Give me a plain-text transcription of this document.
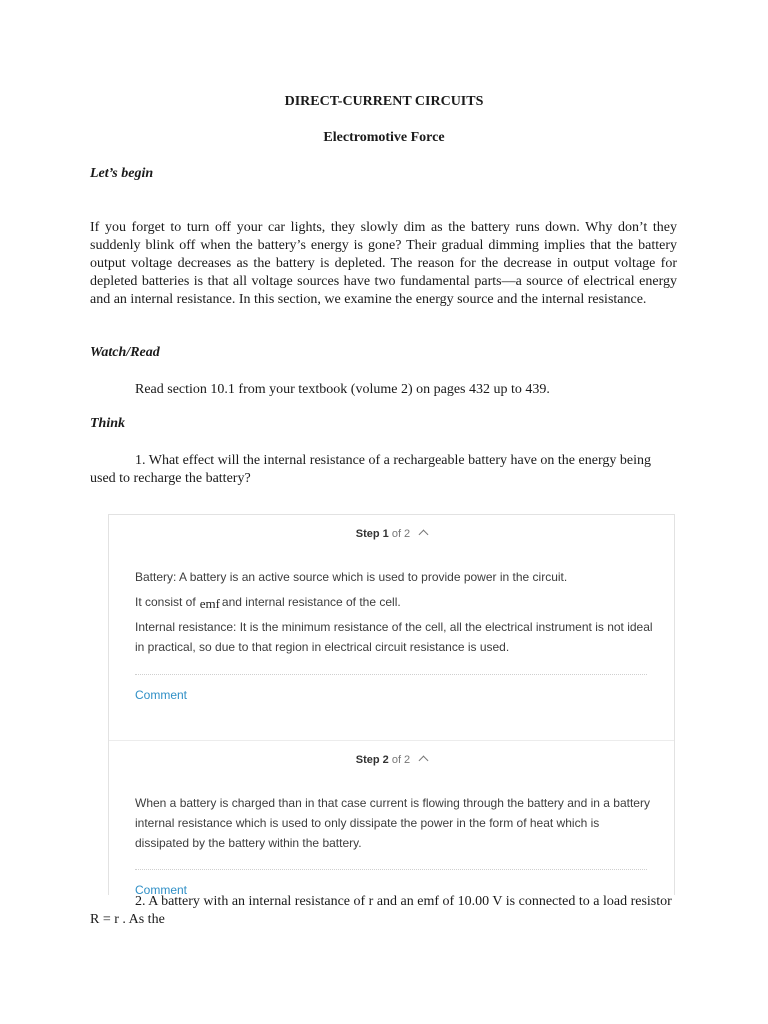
DIRECT-CURRENT CIRCUITS
Electromotive Force
Let’s begin
If you forget to turn off your car lights, they slowly dim as the battery runs down. Why don’t they suddenly blink off when the battery’s energy is gone? Their gradual dimming implies that the battery output voltage decreases as the battery is depleted. The reason for the decrease in output voltage for depleted batteries is that all voltage sources have two fundamental parts—a source of electrical energy and an internal resistance. In this section, we examine the energy source and the internal resistance.
Watch/Read
Read section 10.1 from your textbook (volume 2) on pages 432 up to 439.
Think
1. What effect will the internal resistance of a rechargeable battery have on the energy being used to recharge the battery?
Step 1 of 2
Battery: A battery is an active source which is used to provide power in the circuit.
It consist of emf and internal resistance of the cell.
Internal resistance: It is the minimum resistance of the cell, all the electrical instrument is not ideal in practical, so due to that region in electrical circuit resistance is used.
Comment
Step 2 of 2
When a battery is charged than in that case current is flowing through the battery and in a battery internal resistance which is used to only dissipate the power in the form of heat which is dissipated by the battery within the battery.
Comment
2. A battery with an internal resistance of r and an emf of 10.00 V is connected to a load resistor R = r . As the
